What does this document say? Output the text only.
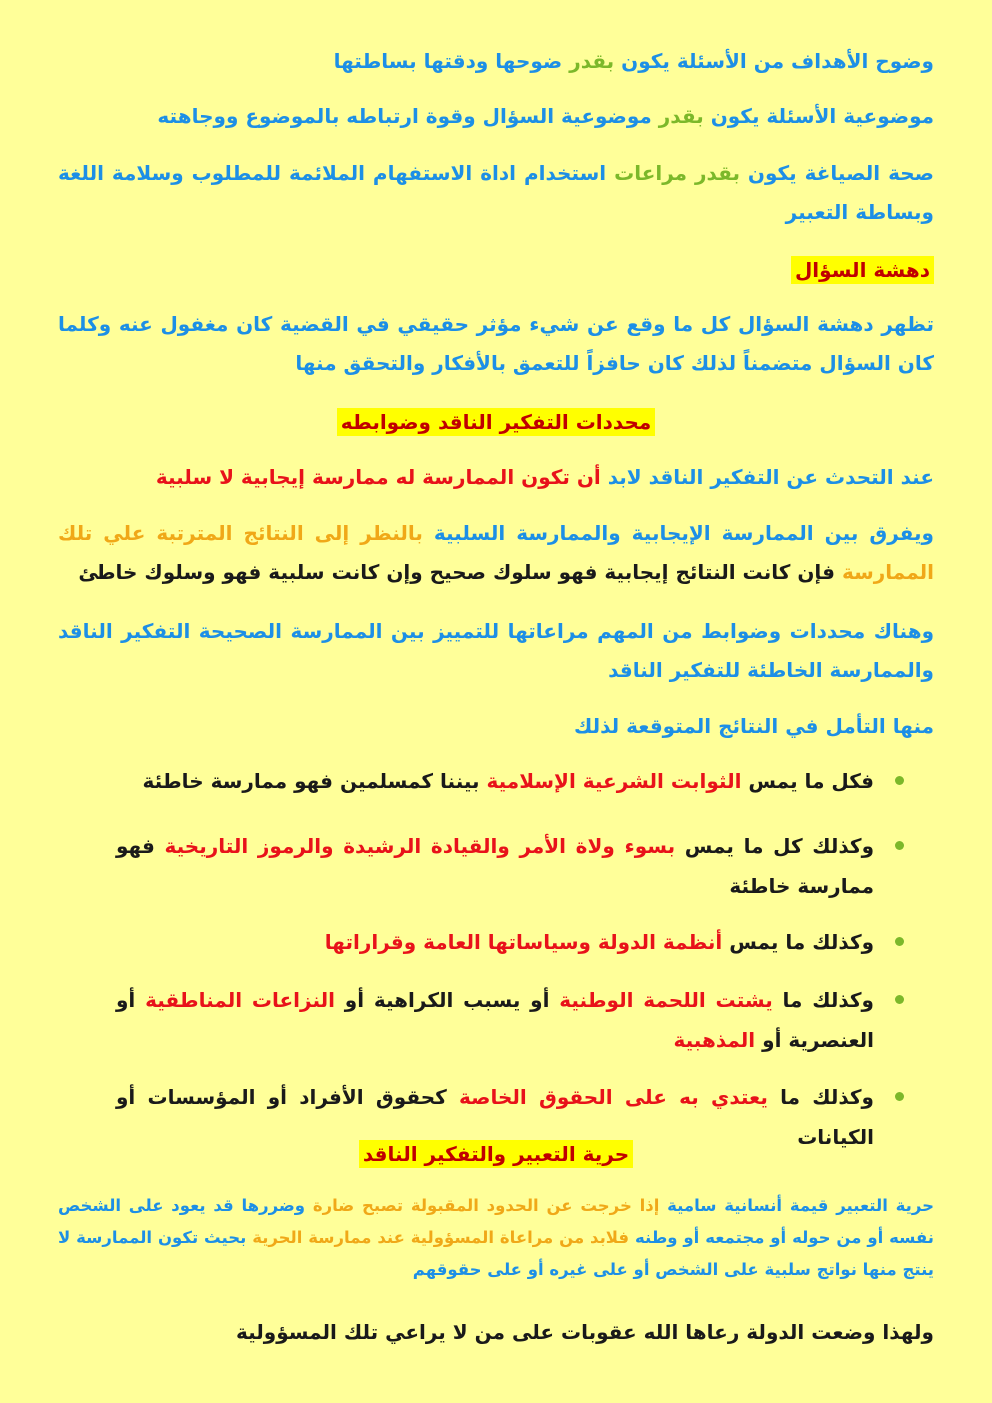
وضوح الأهداف من الأسئلة يكون بقدر ضوحها ودقتها بساطتها

موضوعية الأسئلة يكون بقدر موضوعية السؤال وقوة ارتباطه بالموضوع ووجاهته

صحة الصياغة يكون بقدر مراعات استخدام اداة الاستفهام الملائمة للمطلوب وسلامة اللغة وبساطة التعبير

دهشة السؤال

تظهر دهشة السؤال كل ما وقع عن شيء مؤثر حقيقي في القضية كان مغفول عنه وكلما كان السؤال متضمناً لذلك كان حافزاً للتعمق بالأفكار والتحقق منها

محددات التفكير الناقد وضوابطه

عند التحدث عن التفكير الناقد لابد أن تكون الممارسة له ممارسة إيجابية لا سلبية

ويفرق بين الممارسة الإيجابية والممارسة السلبية بالنظر إلى النتائج المترتبة علي تلك الممارسة فإن كانت النتائج إيجابية فهو سلوك صحيح وإن كانت سلبية فهو وسلوك خاطئ

وهناك محددات وضوابط من المهم مراعاتها للتمييز بين الممارسة الصحيحة التفكير الناقد والممارسة الخاطئة للتفكير الناقد

منها التأمل في النتائج المتوقعة لذلك

فكل ما يمس الثوابت الشرعية الإسلامية بيننا كمسلمين فهو ممارسة خاطئة
وكذلك كل ما يمس بسوء ولاة الأمر والقيادة الرشيدة والرموز التاريخية فهو ممارسة خاطئة
وكذلك ما يمس أنظمة الدولة وسياساتها العامة وقراراتها
وكذلك ما يشتت اللحمة الوطنية أو يسبب الكراهية أو النزاعات المناطقية أو العنصرية أو المذهبية
وكذلك ما يعتدي به على الحقوق الخاصة كحقوق الأفراد أو المؤسسات أو الكيانات
حرية التعبير والتفكير الناقد

حرية التعبير قيمة أنسانية سامية إذا خرجت عن الحدود المقبولة تصبح ضارة وضررها قد يعود على الشخص نفسه أو من حوله أو مجتمعه أو وطنه فلابد من مراعاة المسؤولية عند ممارسة الحرية بحيث تكون الممارسة لا ينتج منها نواتج سلبية على الشخص أو على غيره أو على حقوقهم

ولهذا وضعت الدولة رعاها الله عقوبات على من لا يراعي تلك المسؤولية
